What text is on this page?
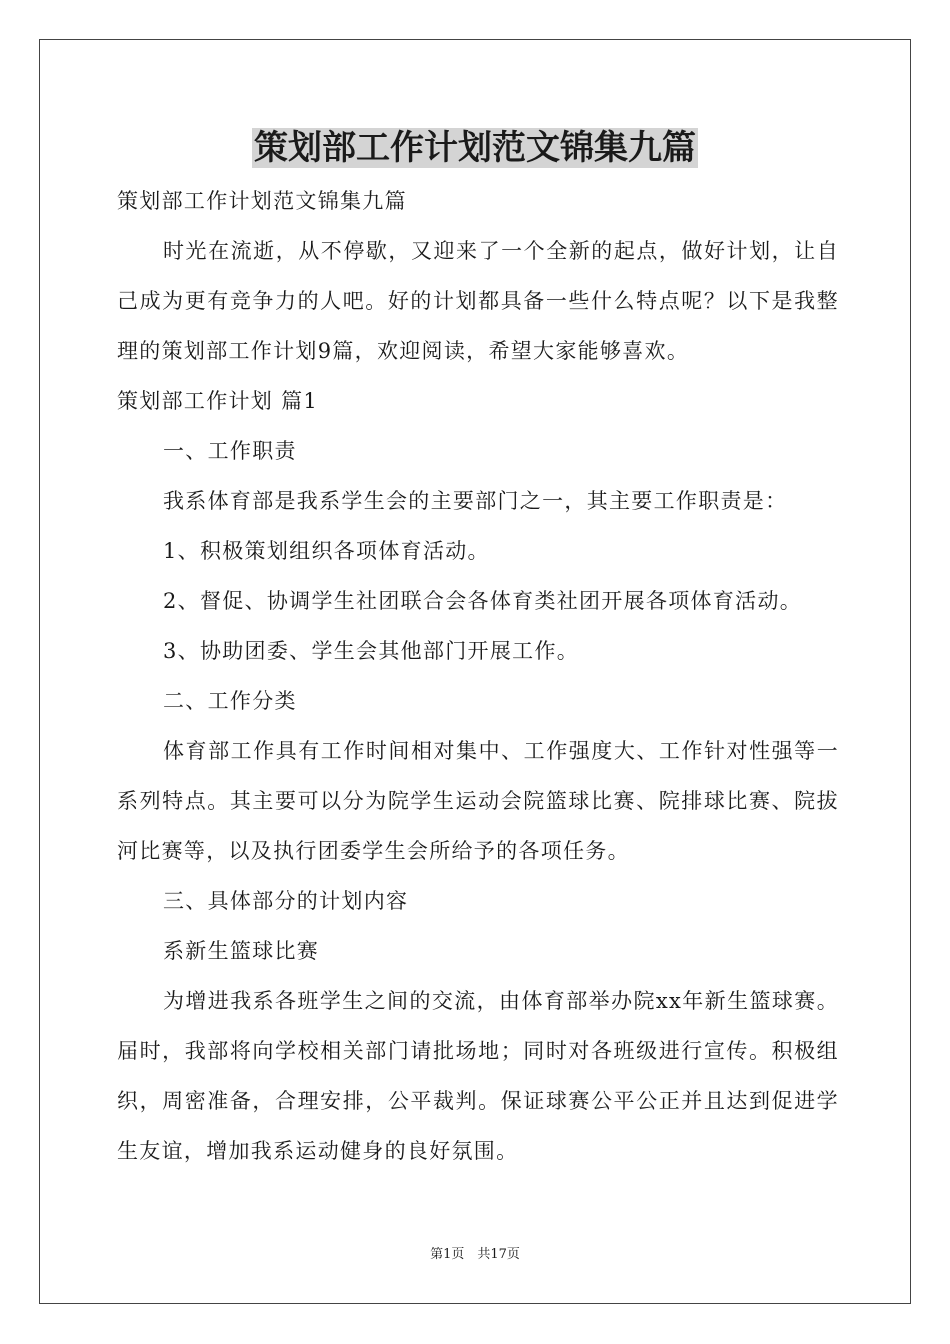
策划部工作计划范文锦集九篇

策划部工作计划范文锦集九篇

时光在流逝，从不停歇，又迎来了一个全新的起点，做好计划，让自己成为更有竞争力的人吧。好的计划都具备一些什么特点呢？以下是我整理的策划部工作计划9篇，欢迎阅读，希望大家能够喜欢。

策划部工作计划 篇1

一、工作职责

我系体育部是我系学生会的主要部门之一，其主要工作职责是：

1、积极策划组织各项体育活动。

2、督促、协调学生社团联合会各体育类社团开展各项体育活动。

3、协助团委、学生会其他部门开展工作。

二、工作分类

体育部工作具有工作时间相对集中、工作强度大、工作针对性强等一系列特点。其主要可以分为院学生运动会院篮球比赛、院排球比赛、院拔河比赛等，以及执行团委学生会所给予的各项任务。

三、具体部分的计划内容

系新生篮球比赛

为增进我系各班学生之间的交流，由体育部举办院xx年新生篮球赛。届时，我部将向学校相关部门请批场地；同时对各班级进行宣传。积极组织，周密准备，合理安排，公平裁判。保证球赛公平公正并且达到促进学生友谊，增加我系运动健身的良好氛围。

第1页　共17页
